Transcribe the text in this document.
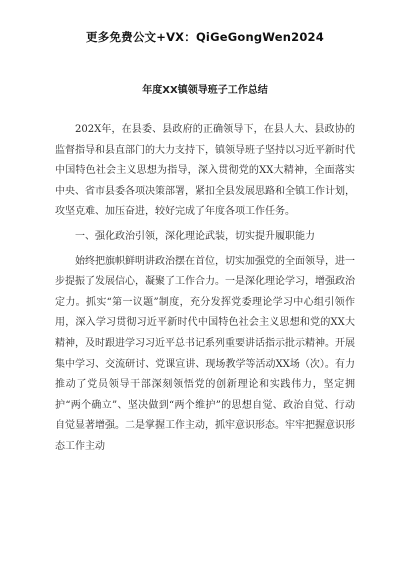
更多免费公文+VX：QiGeGongWen2024
年度XX镇领导班子工作总结

202X年，在县委、县政府的正确领导下，在县人大、县政协的监督指导和县直部门的大力支持下，镇领导班子坚持以习近平新时代中国特色社会主义思想为指导，深入贯彻党的XX大精神，全面落实中央、省市县委各项决策部署，紧扣全县发展思路和全镇工作计划，攻坚克难、加压奋进，较好完成了年度各项工作任务。

一、强化政治引领，深化理论武装，切实提升履职能力

始终把旗帜鲜明讲政治摆在首位，切实加强党的全面领导，进一步提振了发展信心，凝聚了工作合力。一是深化理论学习，增强政治定力。抓实“第一议题”制度，充分发挥党委理论学习中心组引领作用，深入学习贯彻习近平新时代中国特色社会主义思想和党的XX大精神，及时跟进学习习近平总书记系列重要讲话指示批示精神。开展集中学习、交流研讨、党课宣讲、现场教学等活动XX场（次）。有力推动了党员领导干部深刻领悟党的创新理论和实践伟力，坚定拥护“两个确立”、坚决做到“两个维护”的思想自觉、政治自觉、行动自觉显著增强。二是掌握工作主动，抓牢意识形态。牢牢把握意识形态工作主动
